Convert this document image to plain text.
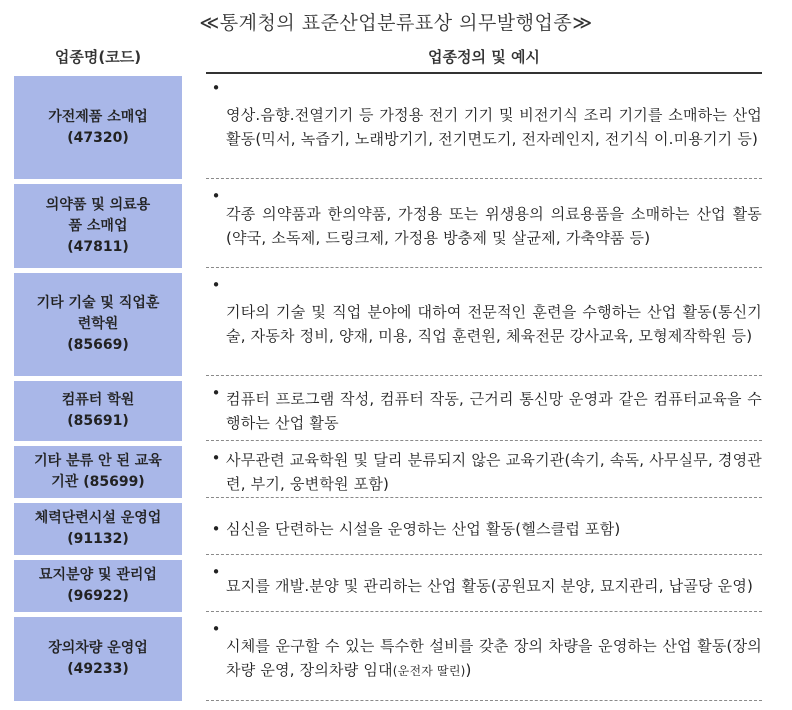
≪통계청의 표준산업분류표상 의무발행업종≫
업종명(코드)	업종정의 및 예시
가전제품 소매업
(47320)
•
영상.음향.전열기기 등 가정용 전기 기기 및 비전기식 조리 기기를 소매하는 산업 활동(믹서, 녹즙기, 노래방기기, 전기면도기, 전자레인지, 전기식 이.미용기기 등)
의약품 및 의료용품 소매업(47811)
•
각종 의약품과 한의약품, 가정용 또는 위생용의 의료용품을 소매하는 산업 활동(약국, 소독제, 드링크제, 가정용 방충제 및 살균제, 가축약품 등)
기타 기술 및 직업훈련학원
(85669)
•
기타의 기술 및 직업 분야에 대하여 전문적인 훈련을 수행하는 산업 활동(통신기술, 자동차 정비, 양재, 미용, 직업 훈련원, 체육전문 강사교육, 모형제작학원 등)
컴퓨터 학원
(85691)
• 컴퓨터 프로그램 작성, 컴퓨터 작동, 근거리 통신망 운영과 같은 컴퓨터교육을 수행하는 산업 활동
기타 분류 안 된 교육기관 (85699)
• 사무관련 교육학원 및 달리 분류되지 않은 교육기관(속기, 속독, 사무실무, 경영관련, 부기, 웅변학원 포함)
체력단련시설 운영업(91132)
• 심신을 단련하는 시설을 운영하는 산업 활동(헬스클럽 포함)
묘지분양 및 관리업(96922)
•
묘지를 개발.분양 및 관리하는 산업 활동(공원묘지 분양, 묘지관리, 납골당 운영)
장의차량 운영업
(49233)
•
시체를 운구할 수 있는 특수한 설비를 갖춘 장의 차량을 운영하는 산업 활동(장의차량 운영, 장의차량 임대(운전자 딸린))
